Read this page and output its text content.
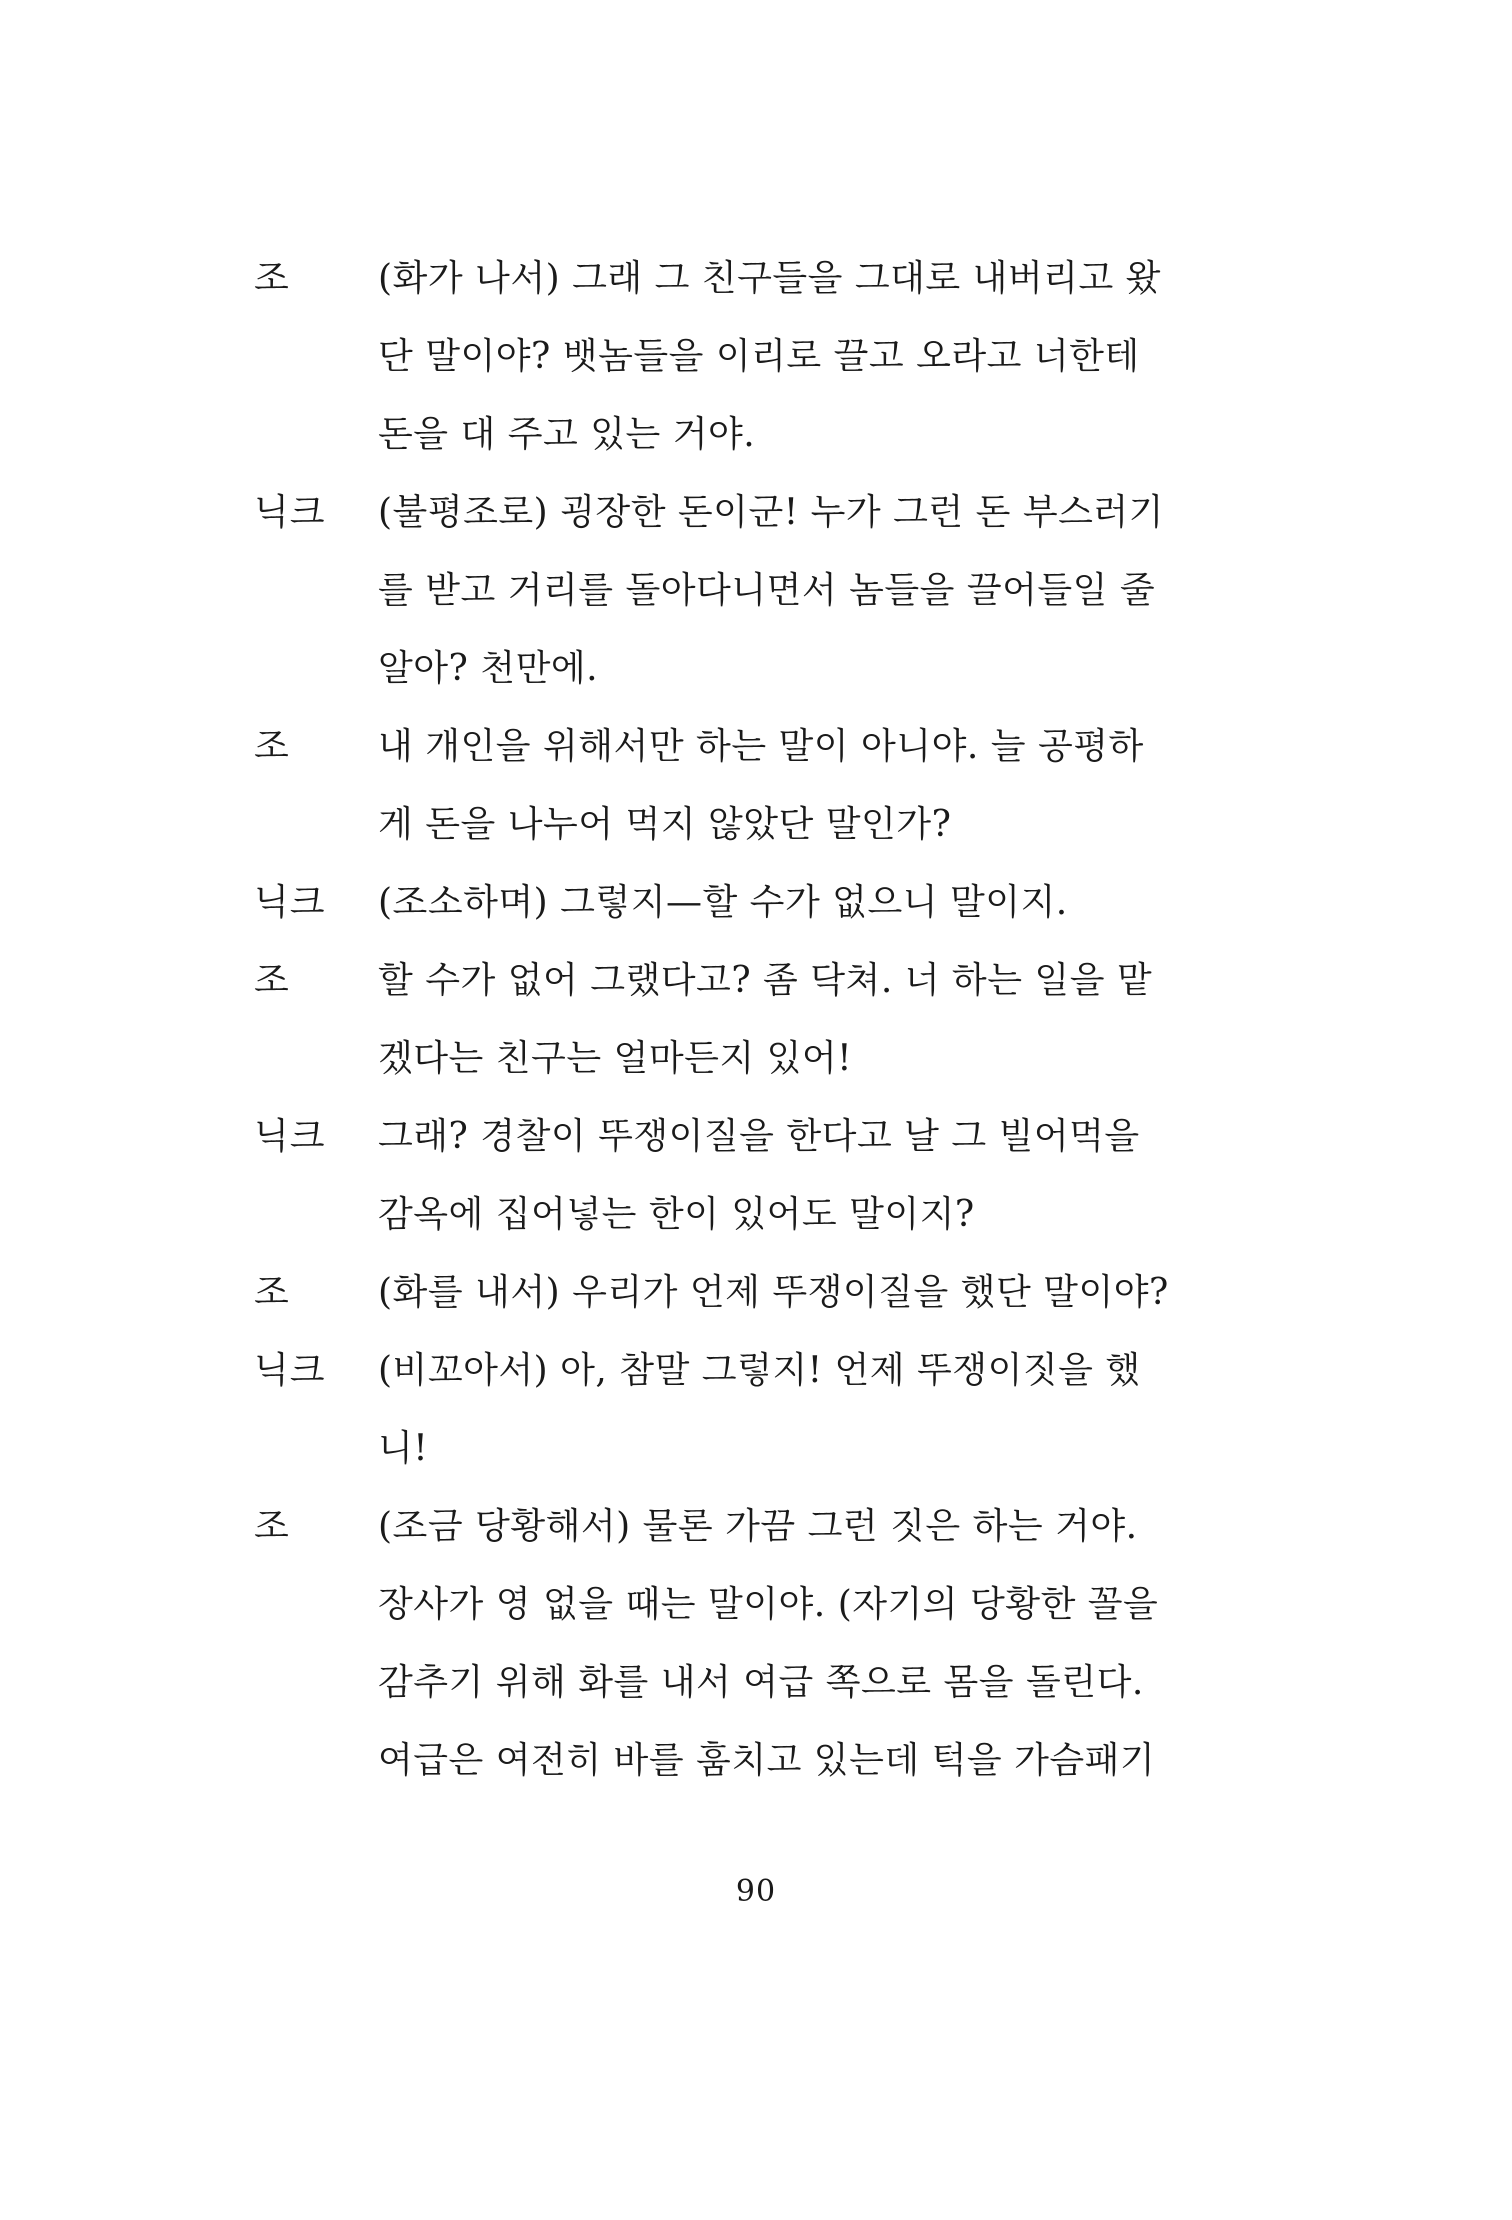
조	(화가 나서) 그래 그 친구들을 그대로 내버리고 왔
단 말이야? 뱃놈들을 이리로 끌고 오라고 너한테
돈을 대 주고 있는 거야.
닉크	(불평조로) 굉장한 돈이군! 누가 그런 돈 부스러기
를 받고 거리를 돌아다니면서 놈들을 끌어들일 줄
알아? 천만에.
조	내 개인을 위해서만 하는 말이 아니야. 늘 공평하
게 돈을 나누어 먹지 않았단 말인가?
닉크	(조소하며) 그렇지—할 수가 없으니 말이지.
조	할 수가 없어 그랬다고? 좀 닥쳐. 너 하는 일을 맡
겠다는 친구는 얼마든지 있어!
닉크	그래? 경찰이 뚜쟁이질을 한다고 날 그 빌어먹을
감옥에 집어넣는 한이 있어도 말이지?
조	(화를 내서) 우리가 언제 뚜쟁이질을 했단 말이야?
닉크	(비꼬아서) 아, 참말 그렇지! 언제 뚜쟁이짓을 했
니!
조	(조금 당황해서) 물론 가끔 그런 짓은 하는 거야.
장사가 영 없을 때는 말이야. (자기의 당황한 꼴을
감추기 위해 화를 내서 여급 쪽으로 몸을 돌린다.
여급은 여전히 바를 훔치고 있는데 턱을 가슴패기
90
